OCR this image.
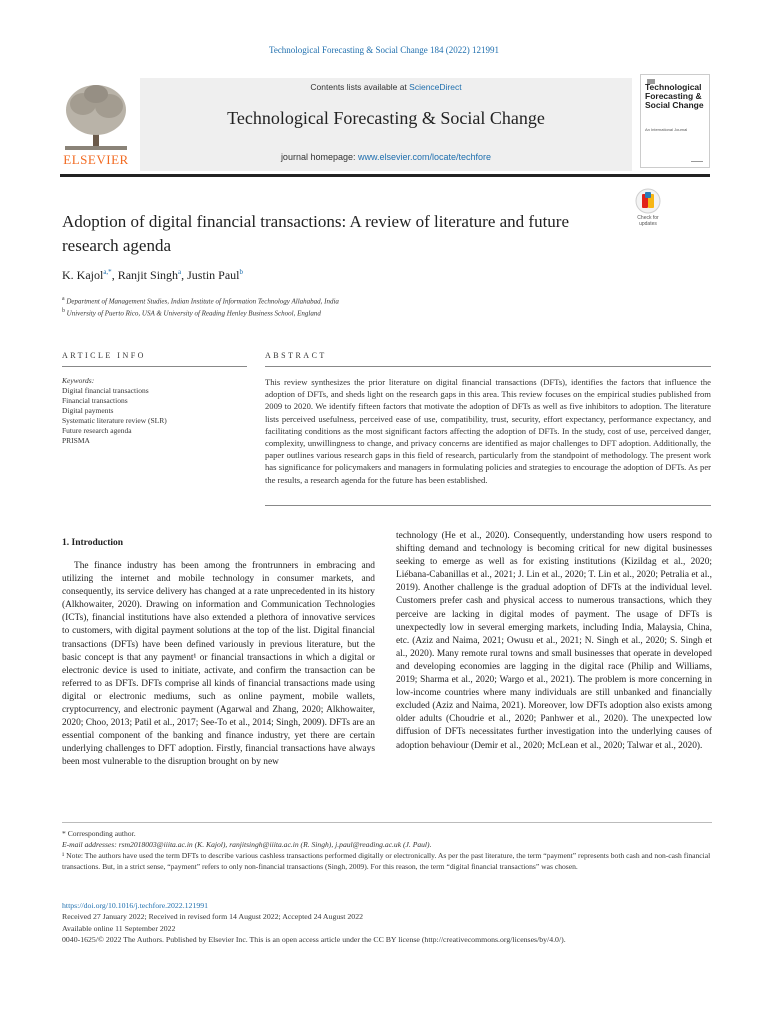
Technological Forecasting & Social Change 184 (2022) 121991
ELSEVIER
Contents lists available at ScienceDirect
Technological Forecasting & Social Change
journal homepage: www.elsevier.com/locate/techfore
Technological Forecasting & Social Change
An International Journal
Adoption of digital financial transactions: A review of literature and future research agenda
Check for updates
K. Kajol$^{a,*}$, Ranjit Singh$^a$, Justin Paul$^b$
$^a$ Department of Management Studies, Indian Institute of Information Technology Allahabad, India
$^b$ University of Puerto Rico, USA & University of Reading Henley Business School, England
ARTICLE INFO	ABSTRACT
Keywords:
Digital financial transactions
Financial transactions
Digital payments
Systematic literature review (SLR)
Future research agenda
PRISMA
This review synthesizes the prior literature on digital financial transactions (DFTs), identifies the factors that influence the adoption of DFTs, and sheds light on the research gaps in this area. This review focuses on the empirical studies published from 2009 to 2020. We identify fifteen factors that motivate the adoption of DFTs as well as five inhibitors to adoption. The literature lists perceived usefulness, perceived ease of use, compatibility, trust, security, effort expectancy, performance expectancy, and facilitating conditions as the most significant factors affecting the adoption of DFTs. In the study, cost of use, perceived danger, complexity, unwillingness to change, and privacy concerns are identified as major challenges to DFT adoption. Additionally, the paper outlines various research gaps in this field of research, particularly from the standpoint of methodology. The present work has significance for policymakers and managers in formulating policies and strategies to encourage the adoption of DFTs. As per the results, a research agenda for the future has been established.
1. Introduction

The finance industry has been among the frontrunners in embracing and utilizing the internet and mobile technology in consumer markets, and consequently, its service delivery has changed at a rate unprecedented in its history (Alkhowaiter, 2020). Drawing on information and Communication Technologies (ICTs), financial institutions have also extended a plethora of innovative services to customers, with digital payment solutions at the top of the list. Digital financial transactions (DFTs) have been defined variously in previous literature, but the basic concept is that any payment¹ or financial transactions in which a digital or electronic device is used to initiate, activate, and confirm the transaction can be referred to as DFTs. DFTs comprise all kinds of financial transactions made using digital or electronic mediums, such as online payment, mobile wallets, cryptocurrency, and electronic payment (Agarwal and Zhang, 2020; Alkhowaiter, 2020; Choo, 2013; Patil et al., 2017; See-To et al., 2014; Singh, 2009). DFTs are an essential component of the banking and finance industry, yet there are certain underlying challenges to DFT adoption. Firstly, financial transactions have always been most vulnerable to the disruption brought on by new

technology (He et al., 2020). Consequently, understanding how users respond to shifting demand and technology is becoming critical for new digital businesses seeking to emerge as well as for existing institutions (Kizildag et al., 2020; Liébana-Cabanillas et al., 2021; J. Lin et al., 2020; T. Lin et al., 2020; Petralia et al., 2019). Another challenge is the gradual adoption of DFTs at the individual level. Customers prefer cash and physical access to numerous transactions, which they perceive are lacking in digital modes of payment. The usage of DFTs is unexpectedly low in several emerging markets, including India, Malaysia, China, etc. (Aziz and Naima, 2021; Owusu et al., 2021; N. Singh et al., 2020; S. Singh et al., 2020). Many remote rural towns and small businesses that operate in developed and developing economies are lagging in the digital race (Philip and Williams, 2019; Sharma et al., 2020; Wargo et al., 2021). The problem is more concerning in low-income countries where many individuals are still unbanked and financially excluded (Aziz and Naima, 2021). Moreover, low DFTs adoption also exists among older adults (Choudrie et al., 2020; Panhwer et al., 2020). The unexpected low diffusion of DFTs necessitates further investigation into the underlying causes of adoption behaviour (Demir et al., 2020; McLean et al., 2020; Talwar et al., 2020).

* Corresponding author.

E-mail addresses: rsm2018003@iiita.ac.in (K. Kajol), ranjitsingh@iiita.ac.in (R. Singh), j.paul@reading.ac.uk (J. Paul).

¹ Note: The authors have used the term DFTs to describe various cashless transactions performed digitally or electronically. As per the past literature, the term “payment” represents both cash and non-cash financial transactions. But, in a strict sense, “payment” refers to only non-financial transactions (Singh, 2009). For this reason, the term “digital financial transactions” was chosen.

https://doi.org/10.1016/j.techfore.2022.121991

Received 27 January 2022; Received in revised form 14 August 2022; Accepted 24 August 2022

Available online 11 September 2022

0040-1625/© 2022 The Authors. Published by Elsevier Inc. This is an open access article under the CC BY license (http://creativecommons.org/licenses/by/4.0/).
